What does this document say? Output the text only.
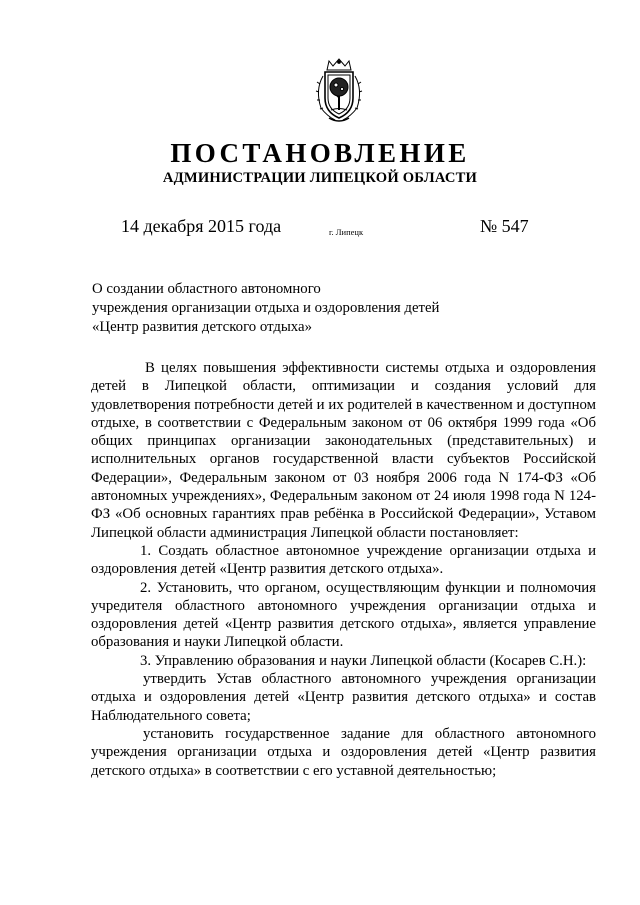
ПОСТАНОВЛЕНИЕ
АДМИНИСТРАЦИИ ЛИПЕЦКОЙ ОБЛАСТИ
14 декабря 2015 года	г. Липецк	№ 547
О создании областного автономного
учреждения организации отдыха и оздоровления детей
«Центр развития детского отдыха»

В целях повышения эффективности системы отдыха и оздоровления детей в Липецкой области, оптимизации и создания условий для удовлетворения потребности детей и их родителей в качественном и доступном отдыхе, в соответствии с Федеральным законом от 06 октября 1999 года «Об общих принципах организации законодательных (представительных) и исполнительных органов государственной власти субъектов Российской Федерации», Федеральным законом от 03 ноября 2006 года N 174-ФЗ «Об автономных учреждениях», Федеральным законом от 24 июля 1998 года N 124-ФЗ «Об основных гарантиях прав ребёнка в Российской Федерации», Уставом Липецкой области администрация Липецкой области постановляет:

1. Создать областное автономное учреждение организации отдыха и оздоровления детей «Центр развития детского отдыха».

2. Установить, что органом, осуществляющим функции и полномочия учредителя областного автономного учреждения организации отдыха и оздоровления детей «Центр развития детского отдыха», является управление образования и науки Липецкой области.

3. Управлению образования и науки Липецкой области (Косарев С.Н.):

утвердить Устав областного автономного учреждения организации отдыха и оздоровления детей «Центр развития детского отдыха» и состав Наблюдательного совета;

установить государственное задание для областного автономного учреждения организации отдыха и оздоровления детей «Центр развития детского отдыха» в соответствии с его уставной деятельностью;
